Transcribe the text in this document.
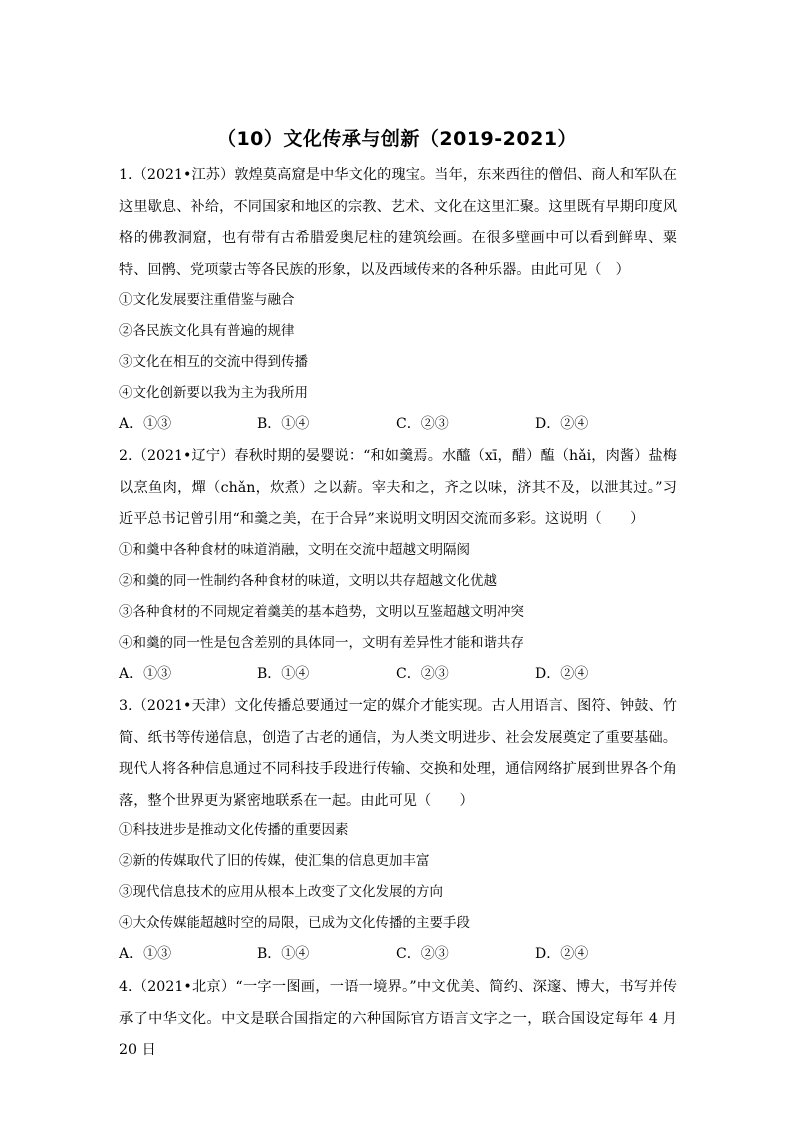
（10）文化传承与创新（2019-2021）
1.（2021•江苏）敦煌莫高窟是中华文化的瑰宝。当年，东来西往的僧侣、商人和军队在这里歇息、补给，不同国家和地区的宗教、艺术、文化在这里汇聚。这里既有早期印度风格的佛教洞窟，也有带有古希腊爱奥尼柱的建筑绘画。在很多壁画中可以看到鲜卑、粟特、回鹘、党项蒙古等各民族的形象，以及西域传来的各种乐器。由此可见（　）
①文化发展要注重借鉴与融合
②各民族文化具有普遍的规律
③文化在相互的交流中得到传播
④文化创新要以我为主为我所用
A．①③	B．①④	C．②③	D．②④
2.（2021•辽宁）春秋时期的晏婴说：“和如羹焉。水醯（xī，醋）醢（hǎi，肉酱）盐梅以烹鱼肉，燀（chǎn，炊煮）之以薪。宰夫和之，齐之以味，济其不及，以泄其过。”习近平总书记曾引用“和羹之美，在于合异”来说明文明因交流而多彩。这说明（　　）
①和羹中各种食材的味道消融，文明在交流中超越文明隔阂
②和羹的同一性制约各种食材的味道，文明以共存超越文化优越
③各种食材的不同规定着羹美的基本趋势，文明以互鉴超越文明冲突
④和羹的同一性是包含差别的具体同一，文明有差异性才能和谐共存
A．①③	B．①④	C．②③	D．②④
3.（2021•天津）文化传播总要通过一定的媒介才能实现。古人用语言、图符、钟鼓、竹简、纸书等传递信息，创造了古老的通信，为人类文明进步、社会发展奠定了重要基础。现代人将各种信息通过不同科技手段进行传输、交换和处理，通信网络扩展到世界各个角落，整个世界更为紧密地联系在一起。由此可见（　　）
①科技进步是推动文化传播的重要因素
②新的传媒取代了旧的传媒，使汇集的信息更加丰富
③现代信息技术的应用从根本上改变了文化发展的方向
④大众传媒能超越时空的局限，已成为文化传播的主要手段
A．①③	B．①④	C．②③	D．②④
4.（2021•北京）“一字一图画，一语一境界。”中文优美、简约、深邃、博大，书写并传承了中华文化。中文是联合国指定的六种国际官方语言文字之一，联合国设定每年 4 月 20 日
